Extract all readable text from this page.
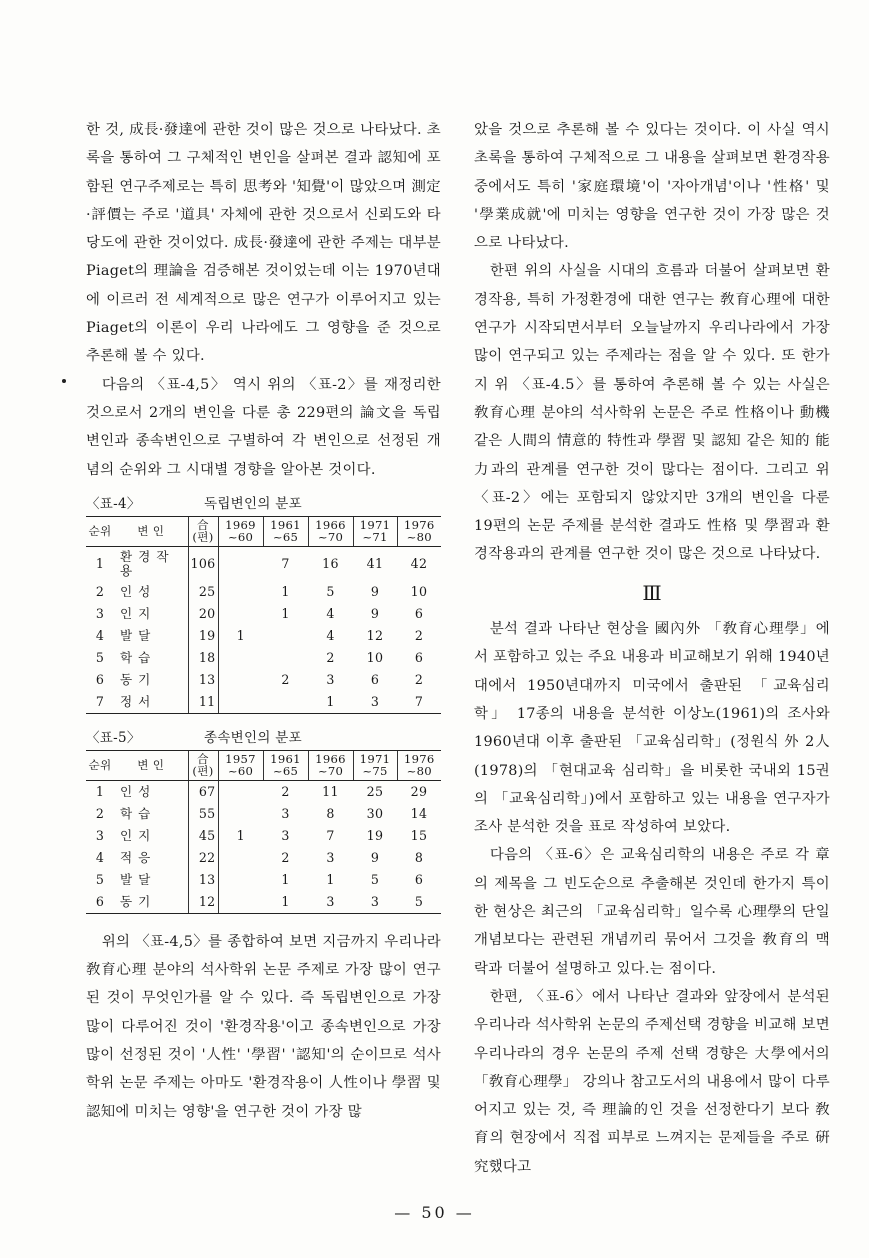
한 것, 成長·發達에 관한 것이 많은 것으로 나타났다. 초록을 통하여 그 구체적인 변인을 살펴본 결과 認知에 포함된 연구주제로는 특히 思考와 '知覺'이 많았으며 測定·評價는 주로 '道具' 자체에 관한 것으로서 신뢰도와 타당도에 관한 것이었다. 成長·發達에 관한 주제는 대부분 Piaget의 理論을 검증해본 것이었는데 이는 1970년대에 이르러 전 세계적으로 많은 연구가 이루어지고 있는 Piaget의 이론이 우리 나라에도 그 영향을 준 것으로 추론해 볼 수 있다.

다음의 〈표-4,5〉 역시 위의 〈표-2〉를 재정리한 것으로서 2개의 변인을 다룬 총 229편의 論文을 독립변인과 종속변인으로 구별하여 각 변인으로 선정된 개념의 순위와 그 시대별 경향을 알아본 것이다.

〈표-4〉	독립변인의 분포
순위	변 인	合(편)	1969 ~60	1961 ~65	1966 ~70	1971 ~71	1976 ~80
1	환경작용	106		7	16	41	42
2	인성	25		1	5	9	10
3	인지	20		1	4	9	6
4	발달	19	1		4	12	2
5	학습	18			2	10	6
6	동기	13		2	3	6	2
7	정서	11			1	3	7
〈표-5〉	종속변인의 분포
순위	변 인	合(편)	1957 ~60	1961 ~65	1966 ~70	1971 ~75	1976 ~80
1	인성	67		2	11	25	29
2	학습	55		3	8	30	14
3	인지	45	1	3	7	19	15
4	적응	22		2	3	9	8
5	발달	13		1	1	5	6
6	동기	12		1	3	3	5

위의 〈표-4,5〉를 종합하여 보면 지금까지 우리나라 敎育心理 분야의 석사학위 논문 주제로 가장 많이 연구된 것이 무엇인가를 알 수 있다. 즉 독립변인으로 가장 많이 다루어진 것이 '환경작용'이고 종속변인으로 가장 많이 선정된 것이 '人性' '學習' '認知'의 순이므로 석사학위 논문 주제는 아마도 '환경작용이 人性이나 學習 및 認知에 미치는 영향'을 연구한 것이 가장 많

았을 것으로 추론해 볼 수 있다는 것이다. 이 사실 역시 초록을 통하여 구체적으로 그 내용을 살펴보면 환경작용 중에서도 특히 '家庭環境'이 '자아개념'이나 '性格' 및 '學業成就'에 미치는 영향을 연구한 것이 가장 많은 것으로 나타났다.

한편 위의 사실을 시대의 흐름과 더불어 살펴보면 환경작용, 특히 가정환경에 대한 연구는 敎育心理에 대한 연구가 시작되면서부터 오늘날까지 우리나라에서 가장 많이 연구되고 있는 주제라는 점을 알 수 있다. 또 한가지 위 〈표-4.5〉를 통하여 추론해 볼 수 있는 사실은 敎育心理 분야의 석사학위 논문은 주로 性格이나 動機 같은 人間의 情意的 特性과 學習 및 認知 같은 知的 能力과의 관계를 연구한 것이 많다는 점이다. 그리고 위 〈표-2〉에는 포함되지 않았지만 3개의 변인을 다룬 19편의 논문 주제를 분석한 결과도 性格 및 學習과 환경작용과의 관계를 연구한 것이 많은 것으로 나타났다.

Ⅲ

분석 결과 나타난 현상을 國內外 「敎育心理學」에서 포함하고 있는 주요 내용과 비교해보기 위해 1940년대에서 1950년대까지 미국에서 출판된 「교육심리학」 17종의 내용을 분석한 이상노(1961)의 조사와 1960년대 이후 출판된 「교육심리학」(정원식 外 2人(1978)의 「현대교육 심리학」을 비롯한 국내외 15권의 「교육심리학」)에서 포함하고 있는 내용을 연구자가 조사 분석한 것을 표로 작성하여 보았다.

다음의 〈표-6〉은 교육심리학의 내용은 주로 각 章의 제목을 그 빈도순으로 추출해본 것인데 한가지 특이한 현상은 최근의 「교육심리학」일수록 心理學의 단일개념보다는 관련된 개념끼리 묶어서 그것을 敎育의 맥락과 더불어 설명하고 있다.는 점이다.

한편, 〈표-6〉에서 나타난 결과와 앞장에서 분석된 우리나라 석사학위 논문의 주제선택 경향을 비교해 보면 우리나라의 경우 논문의 주제 선택 경향은 大學에서의 「敎育心理學」 강의나 참고도서의 내용에서 많이 다루어지고 있는 것, 즉 理論的인 것을 선정한다기 보다 敎育의 현장에서 직접 피부로 느껴지는 문제들을 주로 硏究했다고

— 50 —
